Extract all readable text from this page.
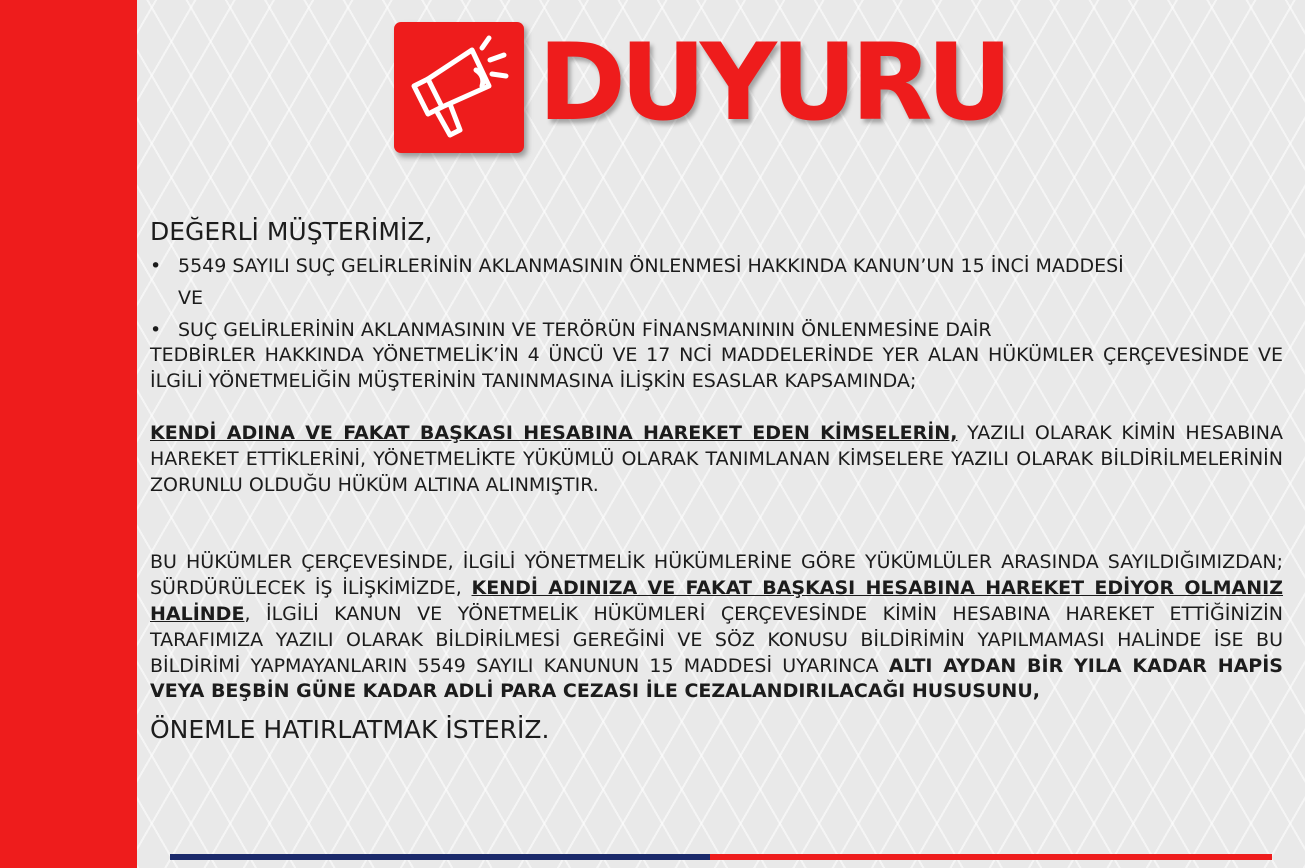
DUYURU
DEĞERLİ MÜŞTERİMİZ,
• 5549 SAYILI SUÇ GELİRLERİNİN AKLANMASININ ÖNLENMESİ HAKKINDA KANUN’UN 15 İNCİ MADDESİ
VE
• SUÇ GELİRLERİNİN AKLANMASININ VE TERÖRÜN FİNANSMANININ ÖNLENMESİNE DAİR
TEDBİRLER HAKKINDA YÖNETMELİK’İN 4 ÜNCÜ VE 17 NCİ MADDELERİNDE YER ALAN HÜKÜMLER ÇERÇEVESİNDE VE İLGİLİ YÖNETMELİĞİN MÜŞTERİNİN TANINMASINA İLİŞKİN ESASLAR KAPSAMINDA;
KENDİ ADINA VE FAKAT BAŞKASI HESABINA HAREKET EDEN KİMSELERİN, YAZILI OLARAK KİMİN HESABINA HAREKET ETTİKLERİNİ, YÖNETMELİKTE YÜKÜMLÜ OLARAK TANIMLANAN KİMSELERE YAZILI OLARAK BİLDİRİLMELERİNİN ZORUNLU OLDUĞU HÜKÜM ALTINA ALINMIŞTIR.
BU HÜKÜMLER ÇERÇEVESİNDE, İLGİLİ YÖNETMELİK HÜKÜMLERİNE GÖRE YÜKÜMLÜLER ARASINDA SAYILDIĞIMIZDAN; SÜRDÜRÜLECEK İŞ İLİŞKİMİZDE, KENDİ ADINIZA VE FAKAT BAŞKASI HESABINA HAREKET EDİYOR OLMANIZ HALİNDE, İLGİLİ KANUN VE YÖNETMELİK HÜKÜMLERİ ÇERÇEVESİNDE KİMİN HESABINA HAREKET ETTİĞİNİZİN TARAFIMIZA YAZILI OLARAK BİLDİRİLMESİ GEREĞİNİ VE SÖZ KONUSU BİLDİRİMİN YAPILMAMASI HALİNDE İSE BU BİLDİRİMİ YAPMAYANLARIN 5549 SAYILI KANUNUN 15 MADDESİ UYARINCA ALTI AYDAN BİR YILA KADAR HAPİS VEYA BEŞBİN GÜNE KADAR ADLİ PARA CEZASI İLE CEZALANDIRILACAĞI HUSUSUNU,
ÖNEMLE HATIRLATMAK İSTERİZ.
